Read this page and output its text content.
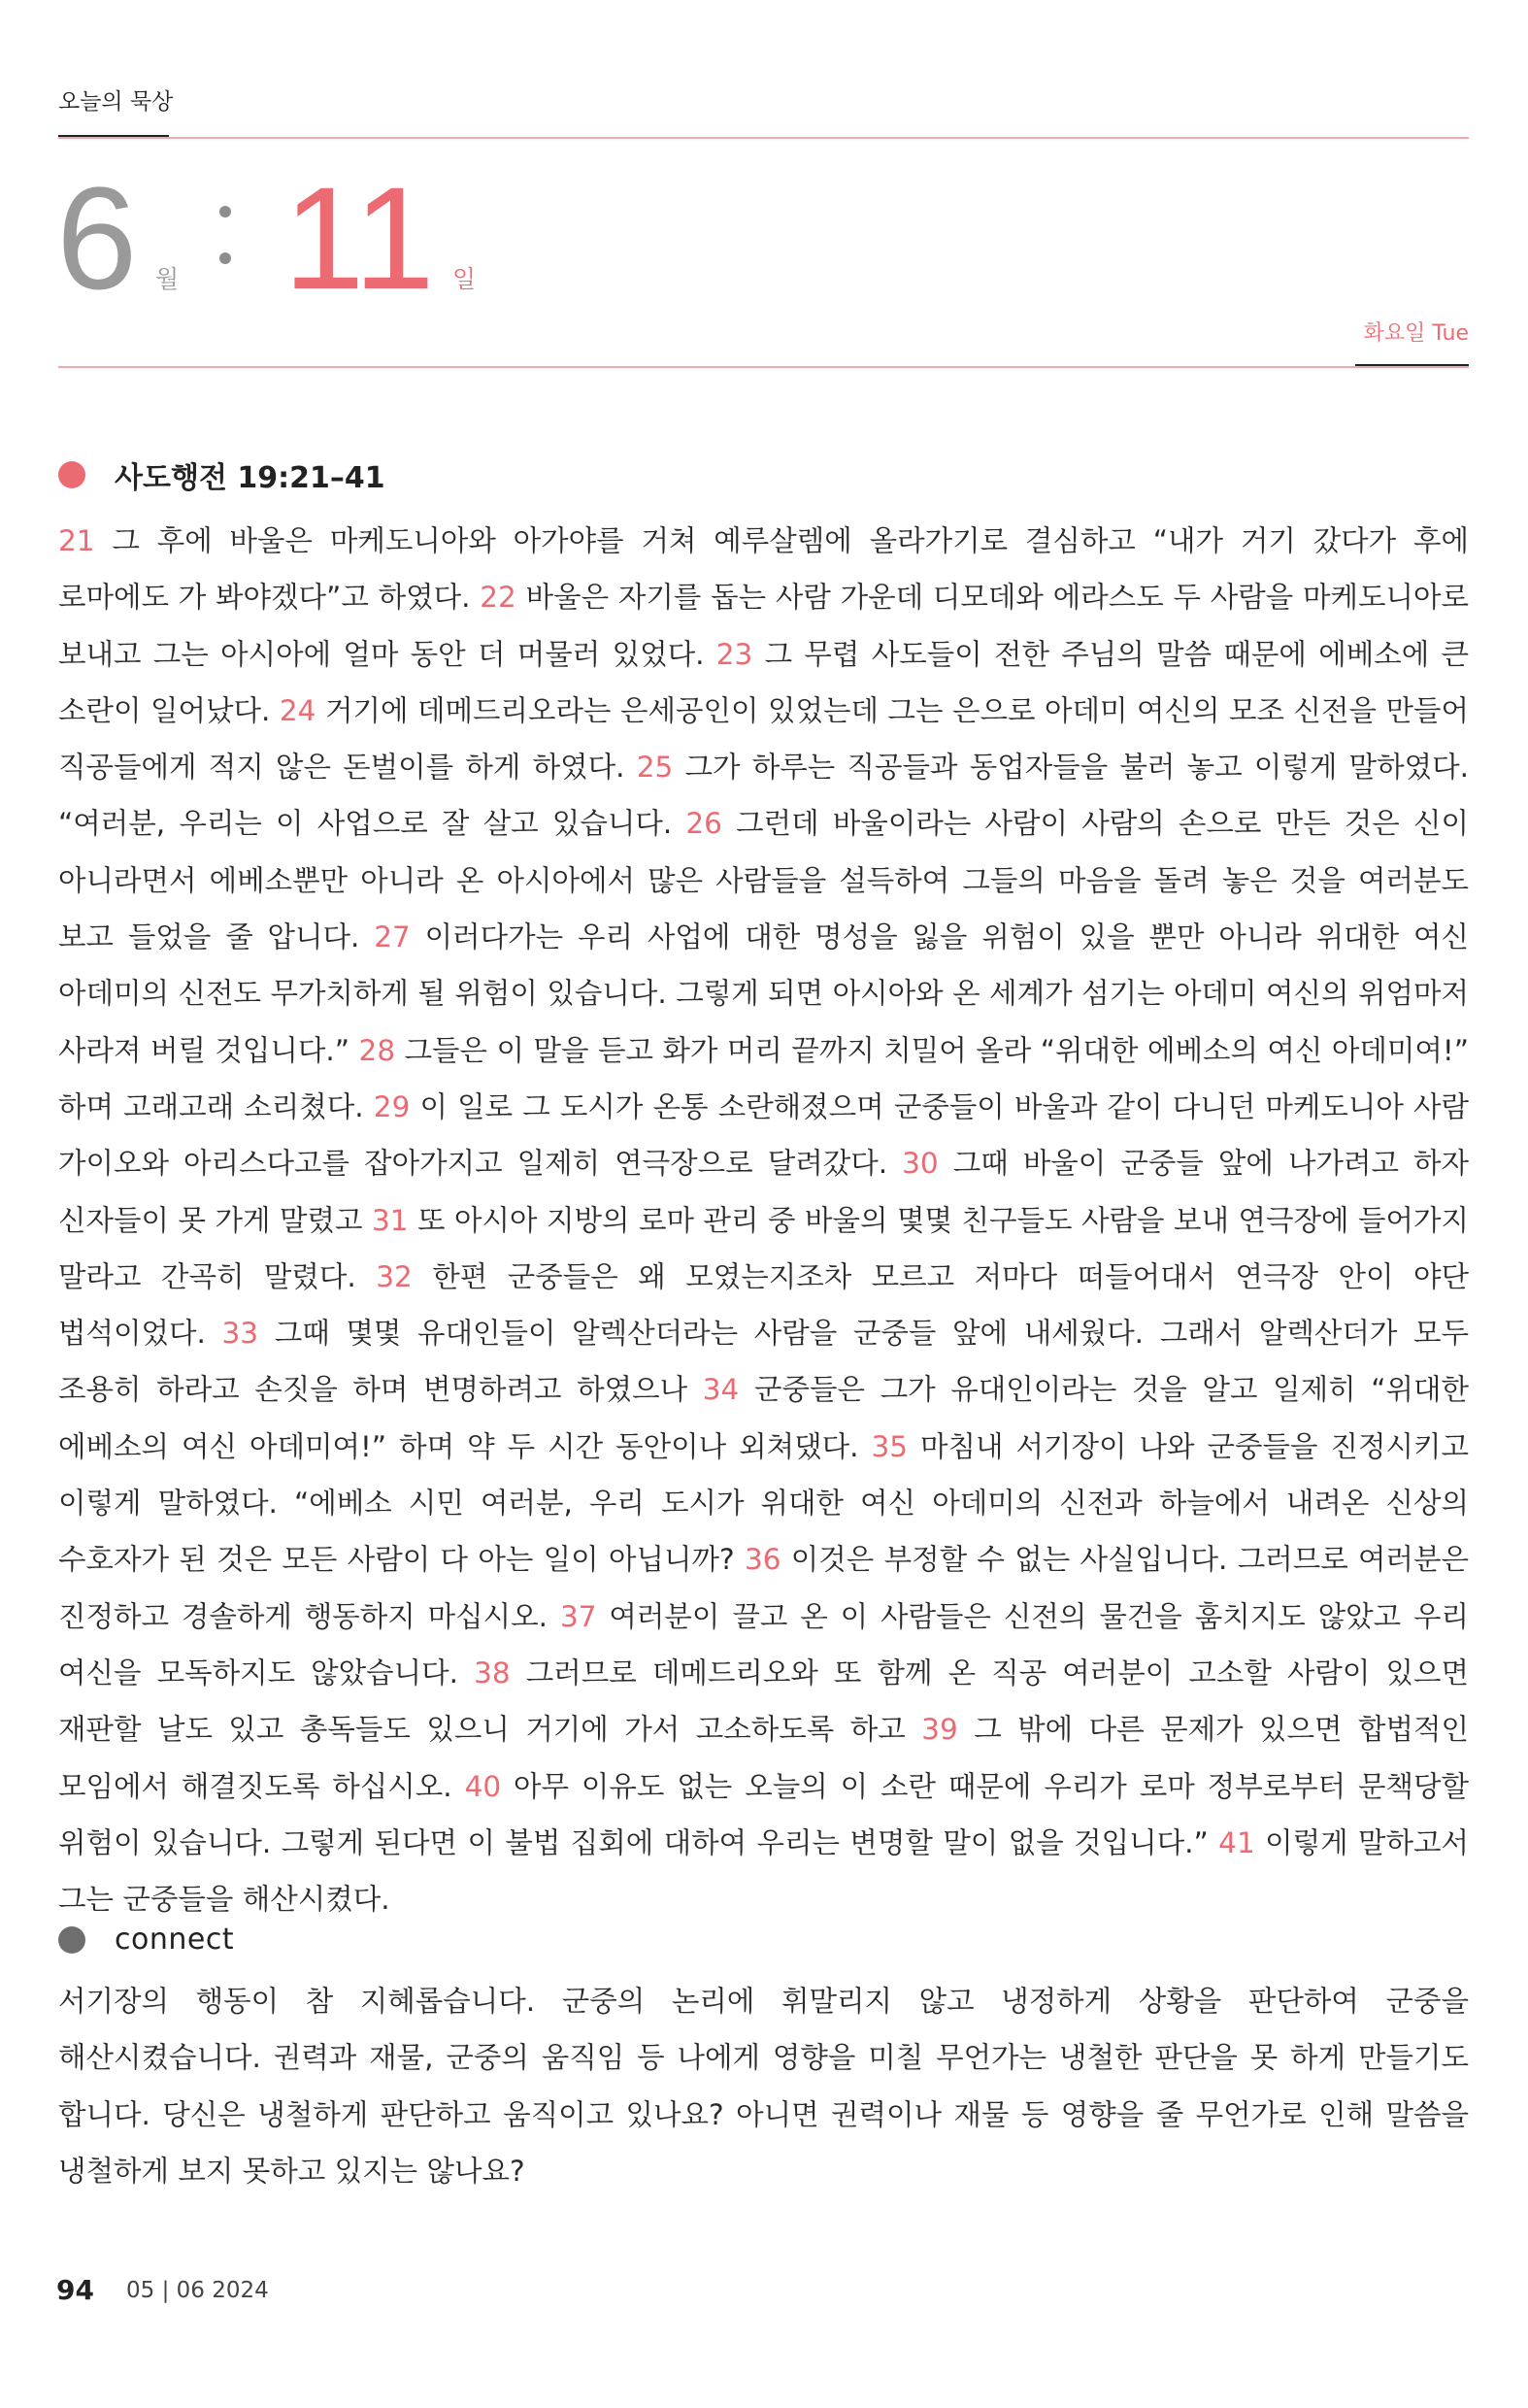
오늘의 묵상
6 월 11 일
화요일 Tue
사도행전 19:21–41
21 그 후에 바울은 마케도니아와 아가야를 거쳐 예루살렘에 올라가기로 결심하고 “내가 거기 갔다가 후에 로마에도 가 봐야겠다”고 하였다. 22 바울은 자기를 돕는 사람 가운데 디모데와 에라스도 두 사람을 마케도니아로 보내고 그는 아시아에 얼마 동안 더 머물러 있었다. 23 그 무렵 사도들이 전한 주님의 말씀 때문에 에베소에 큰 소란이 일어났다. 24 거기에 데메드리오라는 은세공인이 있었는데 그는 은으로 아데미 여신의 모조 신전을 만들어 직공들에게 적지 않은 돈벌이를 하게 하였다. 25 그가 하루는 직공들과 동업자들을 불러 놓고 이렇게 말하였다. “여러분, 우리는 이 사업으로 잘 살고 있습니다. 26 그런데 바울이라는 사람이 사람의 손으로 만든 것은 신이 아니라면서 에베소뿐만 아니라 온 아시아에서 많은 사람들을 설득하여 그들의 마음을 돌려 놓은 것을 여러분도 보고 들었을 줄 압니다. 27 이러다가는 우리 사업에 대한 명성을 잃을 위험이 있을 뿐만 아니라 위대한 여신 아데미의 신전도 무가치하게 될 위험이 있습니다. 그렇게 되면 아시아와 온 세계가 섬기는 아데미 여신의 위엄마저 사라져 버릴 것입니다.” 28 그들은 이 말을 듣고 화가 머리 끝까지 치밀어 올라 “위대한 에베소의 여신 아데미여!” 하며 고래고래 소리쳤다. 29 이 일로 그 도시가 온통 소란해졌으며 군중들이 바울과 같이 다니던 마케도니아 사람 가이오와 아리스다고를 잡아가지고 일제히 연극장으로 달려갔다. 30 그때 바울이 군중들 앞에 나가려고 하자 신자들이 못 가게 말렸고 31 또 아시아 지방의 로마 관리 중 바울의 몇몇 친구들도 사람을 보내 연극장에 들어가지 말라고 간곡히 말렸다. 32 한편 군중들은 왜 모였는지조차 모르고 저마다 떠들어대서 연극장 안이 야단 법석이었다. 33 그때 몇몇 유대인들이 알렉산더라는 사람을 군중들 앞에 내세웠다. 그래서 알렉산더가 모두 조용히 하라고 손짓을 하며 변명하려고 하였으나 34 군중들은 그가 유대인이라는 것을 알고 일제히 “위대한 에베소의 여신 아데미여!” 하며 약 두 시간 동안이나 외쳐댔다. 35 마침내 서기장이 나와 군중들을 진정시키고 이렇게 말하였다. “에베소 시민 여러분, 우리 도시가 위대한 여신 아데미의 신전과 하늘에서 내려온 신상의 수호자가 된 것은 모든 사람이 다 아는 일이 아닙니까? 36 이것은 부정할 수 없는 사실입니다. 그러므로 여러분은 진정하고 경솔하게 행동하지 마십시오. 37 여러분이 끌고 온 이 사람들은 신전의 물건을 훔치지도 않았고 우리 여신을 모독하지도 않았습니다. 38 그러므로 데메드리오와 또 함께 온 직공 여러분이 고소할 사람이 있으면 재판할 날도 있고 총독들도 있으니 거기에 가서 고소하도록 하고 39 그 밖에 다른 문제가 있으면 합법적인 모임에서 해결짓도록 하십시오. 40 아무 이유도 없는 오늘의 이 소란 때문에 우리가 로마 정부로부터 문책당할 위험이 있습니다. 그렇게 된다면 이 불법 집회에 대하여 우리는 변명할 말이 없을 것입니다.” 41 이렇게 말하고서 그는 군중들을 해산시켰다.
connect
서기장의 행동이 참 지혜롭습니다. 군중의 논리에 휘말리지 않고 냉정하게 상황을 판단하여 군중을 해산시켰습니다. 권력과 재물, 군중의 움직임 등 나에게 영향을 미칠 무언가는 냉철한 판단을 못 하게 만들기도 합니다. 당신은 냉철하게 판단하고 움직이고 있나요? 아니면 권력이나 재물 등 영향을 줄 무언가로 인해 말씀을 냉철하게 보지 못하고 있지는 않나요?
94 05 | 06 2024
